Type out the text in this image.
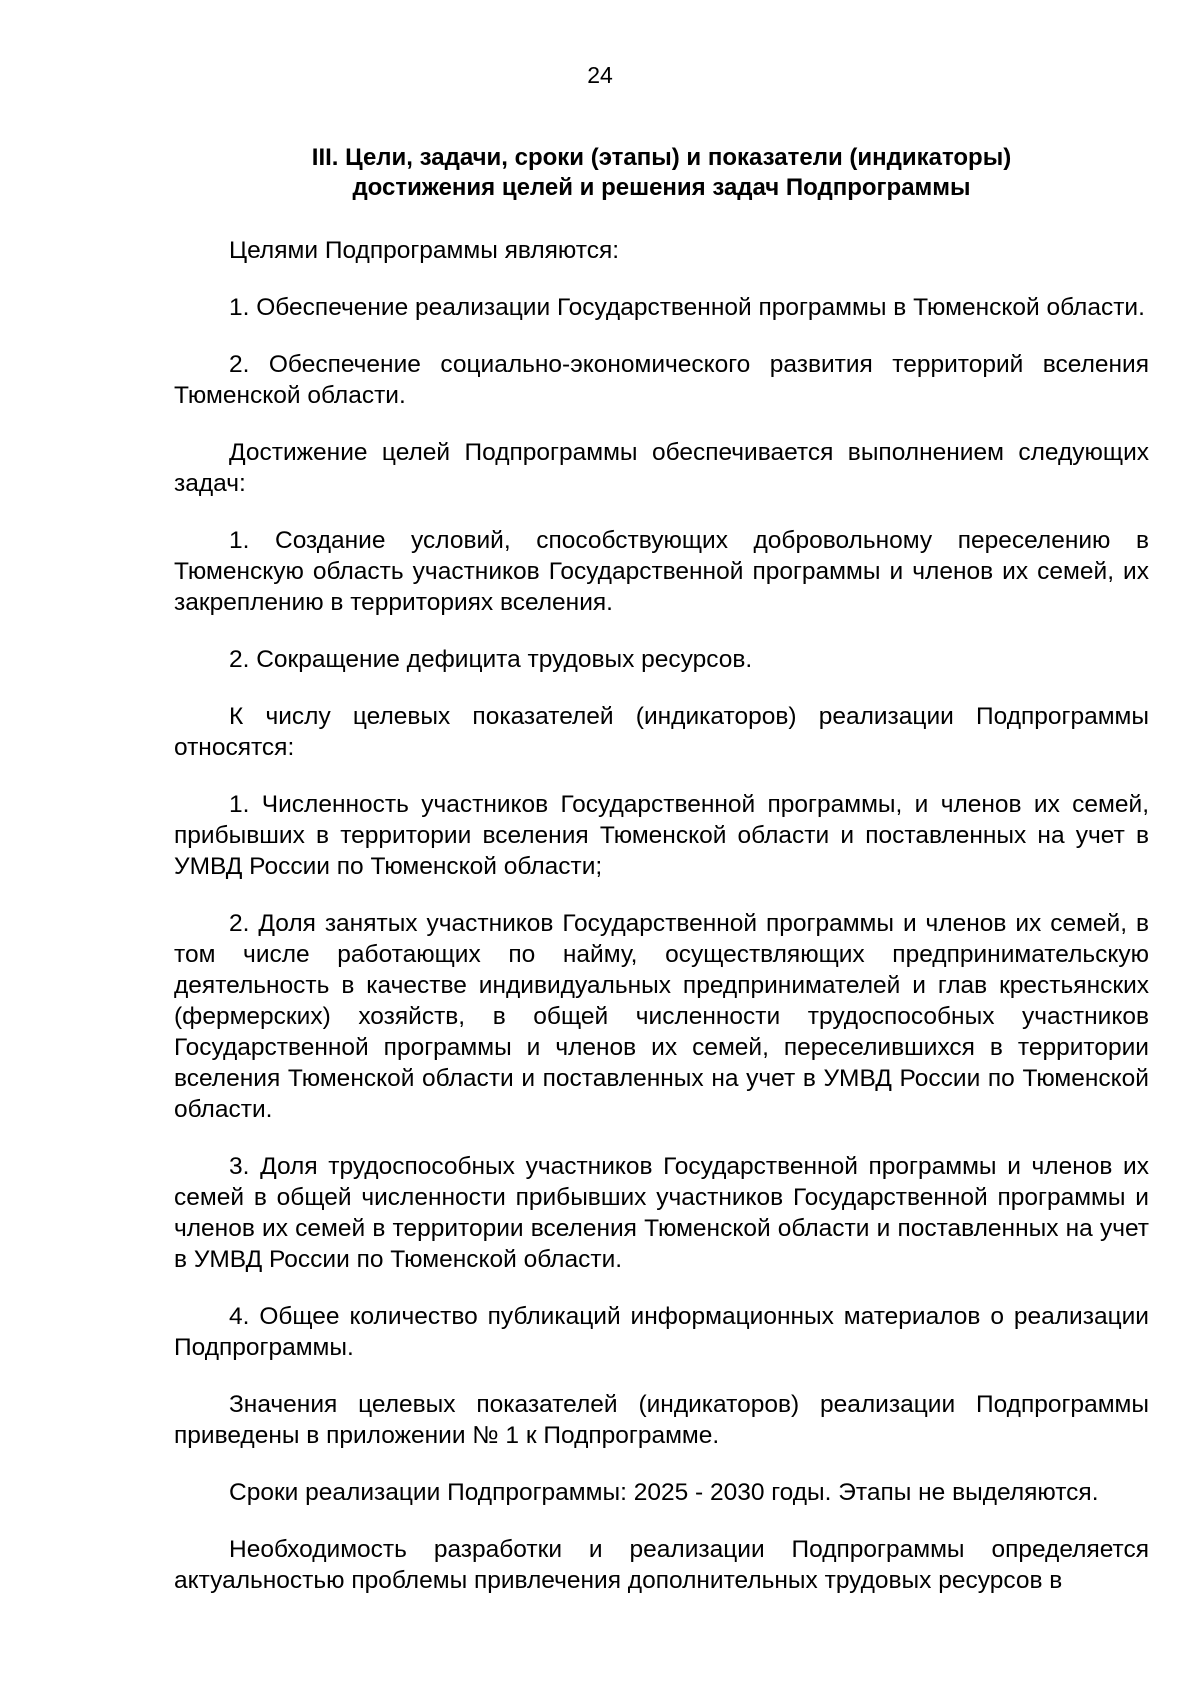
24
III. Цели, задачи, сроки (этапы) и показатели (индикаторы)
достижения целей и решения задач Подпрограммы

Целями Подпрограммы являются:

1. Обеспечение реализации Государственной программы в Тюменской области.

2. Обеспечение социально-экономического развития территорий вселения Тюменской области.

Достижение целей Подпрограммы обеспечивается выполнением следующих задач:

1. Создание условий, способствующих добровольному переселению в Тюменскую область участников Государственной программы и членов их семей, их закреплению в территориях вселения.

2. Сокращение дефицита трудовых ресурсов.

К числу целевых показателей (индикаторов) реализации Подпрограммы относятся:

1. Численность участников Государственной программы, и членов их семей, прибывших в территории вселения Тюменской области и поставленных на учет в УМВД России по Тюменской области;

2. Доля занятых участников Государственной программы и членов их семей, в том числе работающих по найму, осуществляющих предпринимательскую деятельность в качестве индивидуальных предпринимателей и глав крестьянских (фермерских) хозяйств, в общей численности трудоспособных участников Государственной программы и членов их семей, переселившихся в территории вселения Тюменской области и поставленных на учет в УМВД России по Тюменской области.

3. Доля трудоспособных участников Государственной программы и членов их семей в общей численности прибывших участников Государственной программы и членов их семей в территории вселения Тюменской области и поставленных на учет в УМВД России по Тюменской области.

4. Общее количество публикаций информационных материалов о реализации Подпрограммы.

Значения целевых показателей (индикаторов) реализации Подпрограммы приведены в приложении № 1 к Подпрограмме.

Сроки реализации Подпрограммы: 2025 - 2030 годы. Этапы не выделяются.

Необходимость разработки и реализации Подпрограммы определяется актуальностью проблемы привлечения дополнительных трудовых ресурсов в
